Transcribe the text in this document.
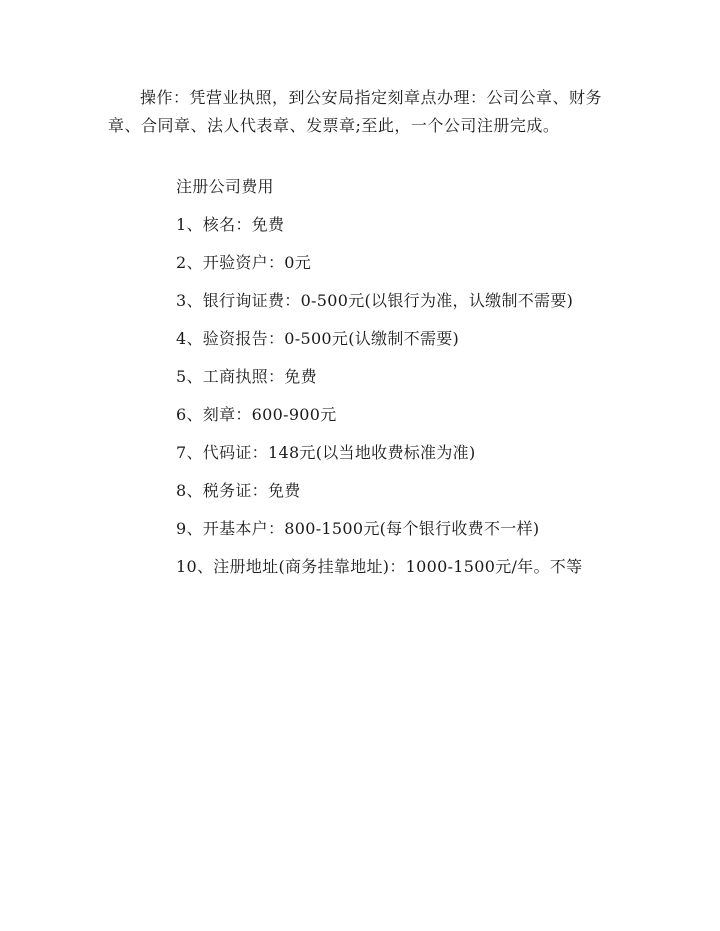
操作：凭营业执照，到公安局指定刻章点办理：公司公章、财务章、合同章、法人代表章、发票章;至此，一个公司注册完成。

注册公司费用

1、核名：免费

2、开验资户：0元

3、银行询证费：0-500元(以银行为准，认缴制不需要)

4、验资报告：0-500元(认缴制不需要)

5、工商执照：免费

6、刻章：600-900元

7、代码证：148元(以当地收费标准为准)

8、税务证：免费

9、开基本户：800-1500元(每个银行收费不一样)

10、注册地址(商务挂靠地址)：1000-1500元/年。不等
